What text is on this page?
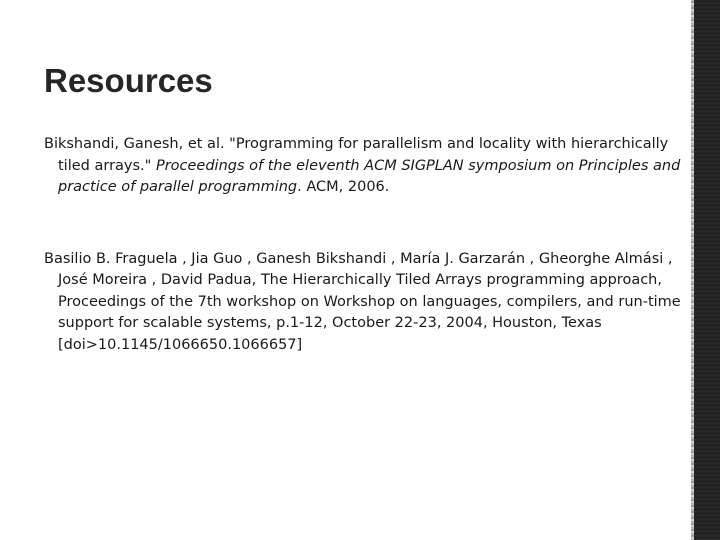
Resources

Bikshandi, Ganesh, et al. "Programming for parallelism and locality with hierarchically tiled arrays." Proceedings of the eleventh ACM SIGPLAN symposium on Principles and practice of parallel programming. ACM, 2006.

Basilio B. Fraguela , Jia Guo , Ganesh Bikshandi , María J. Garzarán , Gheorghe Almási , José Moreira , David Padua, The Hierarchically Tiled Arrays programming approach, Proceedings of the 7th workshop on Workshop on languages, compilers, and run-time support for scalable systems, p.1-12, October 22-23, 2004, Houston, Texas [doi>10.1145/1066650.1066657]
